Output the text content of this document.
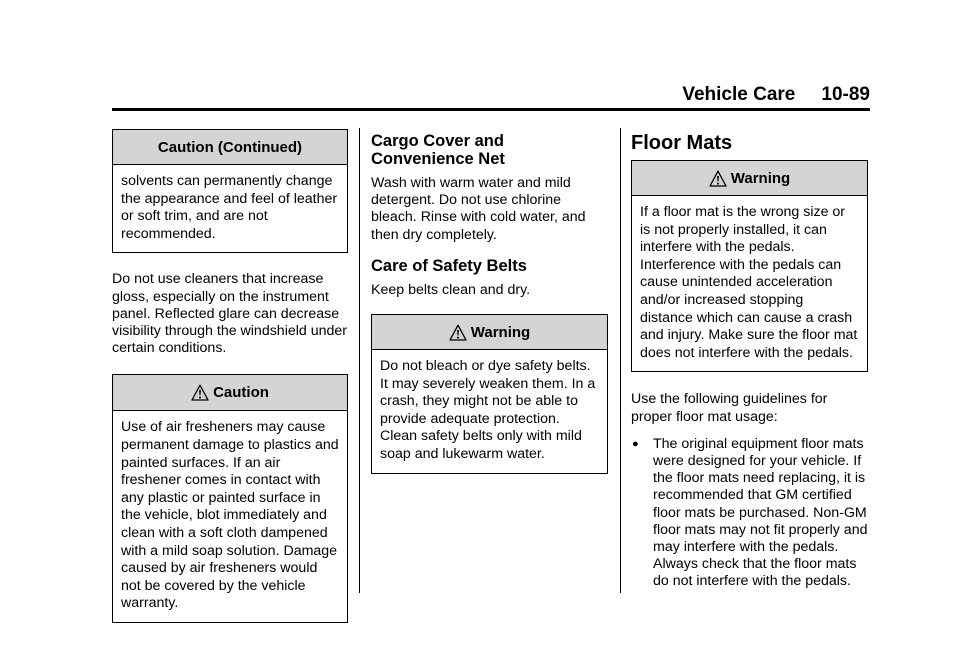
Vehicle Care 10-89
Caution (Continued)
solvents can permanently change the appearance and feel of leather or soft trim, and are not recommended.

Do not use cleaners that increase gloss, especially on the instrument panel. Reflected glare can decrease visibility through the windshield under certain conditions.

Caution
Use of air fresheners may cause permanent damage to plastics and painted surfaces. If an air freshener comes in contact with any plastic or painted surface in the vehicle, blot immediately and clean with a soft cloth dampened with a mild soap solution. Damage caused by air fresheners would not be covered by the vehicle warranty.
Cargo Cover and Convenience Net

Wash with warm water and mild detergent. Do not use chlorine bleach. Rinse with cold water, and then dry completely.

Care of Safety Belts

Keep belts clean and dry.

Warning
Do not bleach or dye safety belts. It may severely weaken them. In a crash, they might not be able to provide adequate protection. Clean safety belts only with mild soap and lukewarm water.
Floor Mats
Warning
If a floor mat is the wrong size or is not properly installed, it can interfere with the pedals. Interference with the pedals can cause unintended acceleration and/or increased stopping distance which can cause a crash and injury. Make sure the floor mat does not interfere with the pedals.

Use the following guidelines for proper floor mat usage:

●	The original equipment floor mats were designed for your vehicle. If the floor mats need replacing, it is recommended that GM certified floor mats be purchased. Non-GM floor mats may not fit properly and may interfere with the pedals. Always check that the floor mats do not interfere with the pedals.
